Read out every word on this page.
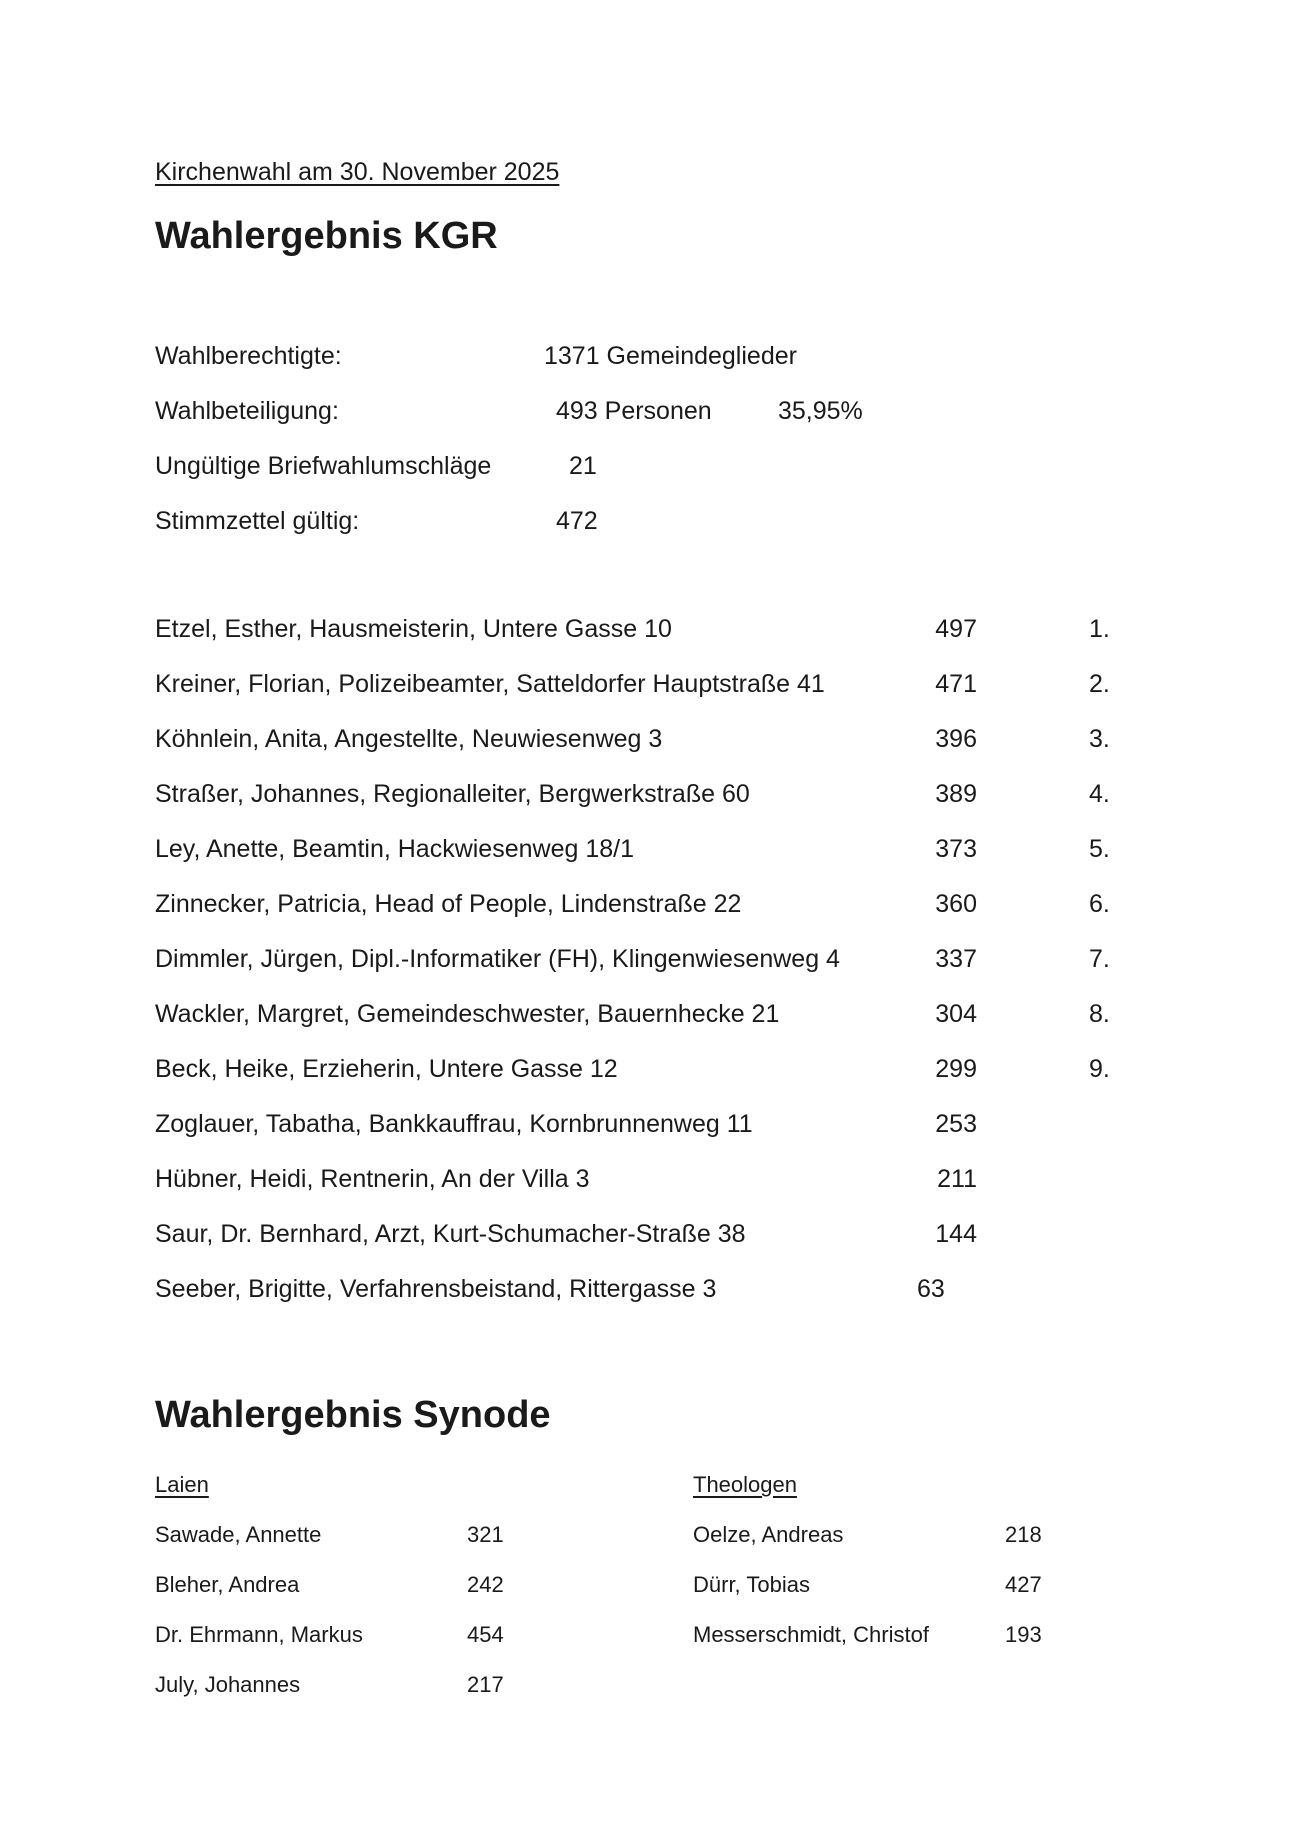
Kirchenwahl am 30. November 2025
Wahlergebnis KGR
Wahlberechtigte:	1371 Gemeindeglieder
Wahlbeteiligung:	493 Personen	35,95%
Ungültige Briefwahlumschläge	21
Stimmzettel gültig:	472
Etzel, Esther, Hausmeisterin, Untere Gasse 10	497	1.
Kreiner, Florian, Polizeibeamter, Satteldorfer Hauptstraße 41	471	2.
Köhnlein, Anita, Angestellte, Neuwiesenweg 3	396	3.
Straßer, Johannes, Regionalleiter, Bergwerkstraße 60	389	4.
Ley, Anette, Beamtin, Hackwiesenweg 18/1	373	5.
Zinnecker, Patricia, Head of People, Lindenstraße 22	360	6.
Dimmler, Jürgen, Dipl.-Informatiker (FH), Klingenwiesenweg 4	337	7.
Wackler, Margret, Gemeindeschwester, Bauernhecke 21	304	8.
Beck, Heike, Erzieherin, Untere Gasse 12	299	9.
Zoglauer, Tabatha, Bankkauffrau, Kornbrunnenweg 11	253
Hübner, Heidi, Rentnerin, An der Villa 3	211
Saur, Dr. Bernhard, Arzt, Kurt-Schumacher-Straße 38	144
Seeber, Brigitte, Verfahrensbeistand, Rittergasse 3	63
Wahlergebnis Synode
Laien
Sawade, Annette	321
Bleher, Andrea	242
Dr. Ehrmann, Markus	454
July, Johannes	217
Theologen
Oelze, Andreas	218
Dürr, Tobias	427
Messerschmidt, Christof	193
